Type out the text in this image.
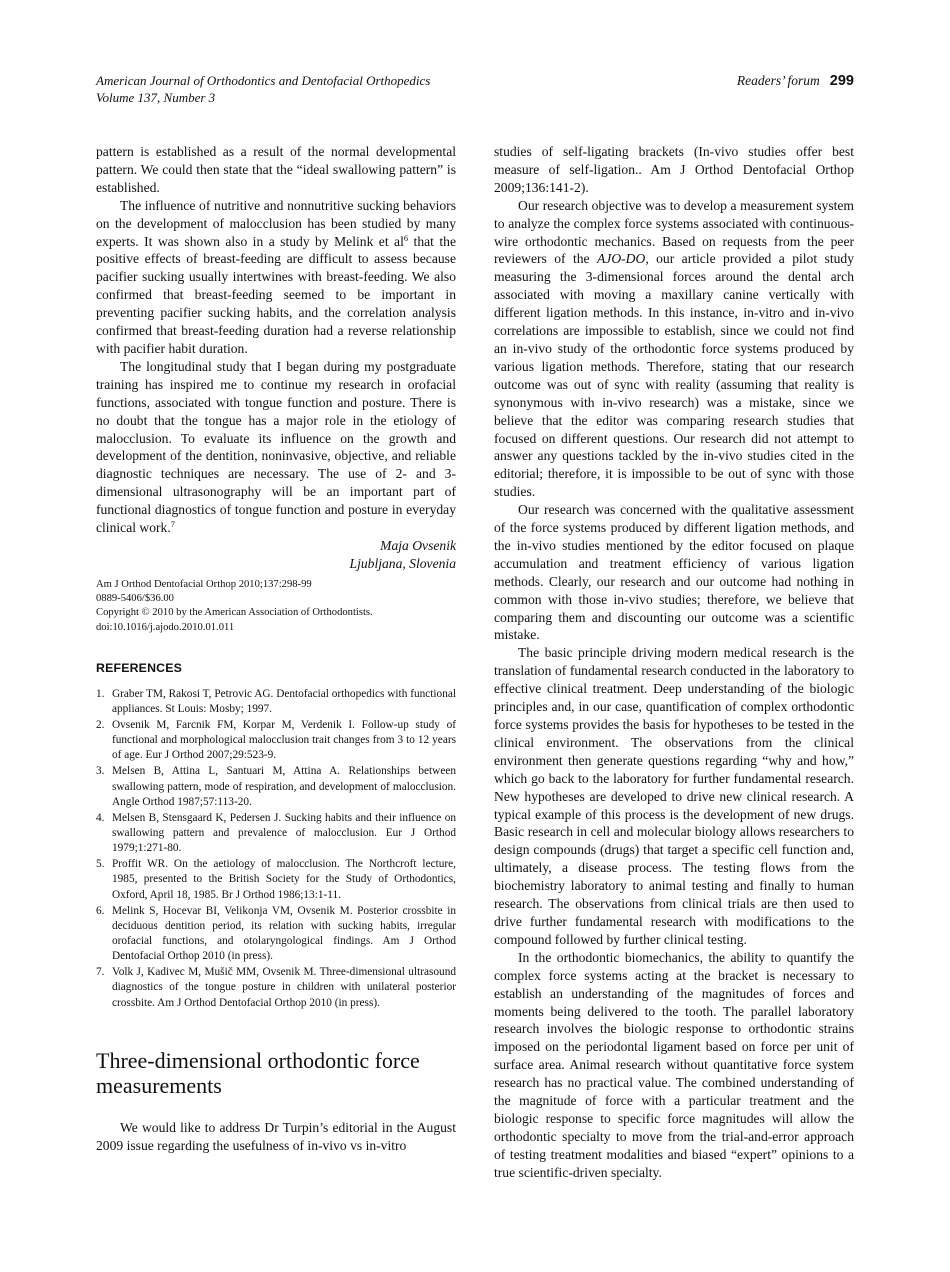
American Journal of Orthodontics and Dentofacial Orthopedics
Volume 137, Number 3
Readers’ forum 299

pattern is established as a result of the normal developmental pattern. We could then state that the “ideal swallowing pattern” is established.

The influence of nutritive and nonnutritive sucking behaviors on the development of malocclusion has been studied by many experts. It was shown also in a study by Melink et $al^6$ that the positive effects of breast-feeding are difficult to assess because pacifier sucking usually intertwines with breast-feeding. We also confirmed that breast-feeding seemed to be important in preventing pacifier sucking habits, and the correlation analysis confirmed that breast-feeding duration had a reverse relationship with pacifier habit duration.

The longitudinal study that I began during my postgraduate training has inspired me to continue my research in orofacial functions, associated with tongue function and posture. There is no doubt that the tongue has a major role in the etiology of malocclusion. To evaluate its influence on the growth and development of the dentition, noninvasive, objective, and reliable diagnostic techniques are necessary. The use of 2- and 3-dimensional ultrasonography will be an important part of functional diagnostics of tongue function and posture in everyday clinical work.$^7$

Maja Ovsenik

Ljubljana, Slovenia

Am J Orthod Dentofacial Orthop 2010;137:298-99
0889-5406/$36.00
Copyright © 2010 by the American Association of Orthodontists.
doi:10.1016/j.ajodo.2010.01.011
REFERENCES
1. Graber TM, Rakosi T, Petrovic AG. Dentofacial orthopedics with functional appliances. St Louis: Mosby; 1997.
2. Ovsenik M, Farcnik FM, Korpar M, Verdenik I. Follow-up study of functional and morphological malocclusion trait changes from 3 to 12 years of age. Eur J Orthod 2007;29:523-9.
3. Melsen B, Attina L, Santuari M, Attina A. Relationships between swallowing pattern, mode of respiration, and development of malocclusion. Angle Orthod 1987;57:113-20.
4. Melsen B, Stensgaard K, Pedersen J. Sucking habits and their influence on swallowing pattern and prevalence of malocclusion. Eur J Orthod 1979;1:271-80.
5. Proffit WR. On the aetiology of malocclusion. The Northcroft lecture, 1985, presented to the British Society for the Study of Orthodontics, Oxford, April 18, 1985. Br J Orthod 1986;13:1-11.
6. Melink S, Hocevar BI, Velikonja VM, Ovsenik M. Posterior crossbite in deciduous dentition period, its relation with sucking habits, irregular orofacial functions, and otolaryngological findings. Am J Orthod Dentofacial Orthop 2010 (in press).
7. Volk J, Kadivec M, Mušič MM, Ovsenik M. Three-dimensional ultrasound diagnostics of the tongue posture in children with unilateral posterior crossbite. Am J Orthod Dentofacial Orthop 2010 (in press).
Three-dimensional orthodontic force measurements

We would like to address Dr Turpin’s editorial in the August 2009 issue regarding the usefulness of in-vivo vs in-vitro

studies of self-ligating brackets (In-vivo studies offer best measure of self-ligation.. Am J Orthod Dentofacial Orthop 2009;136:141-2).

Our research objective was to develop a measurement system to analyze the complex force systems associated with continuous-wire orthodontic mechanics. Based on requests from the peer reviewers of the AJO-DO, our article provided a pilot study measuring the 3-dimensional forces around the dental arch associated with moving a maxillary canine vertically with different ligation methods. In this instance, in-vitro and in-vivo correlations are impossible to establish, since we could not find an in-vivo study of the orthodontic force systems produced by various ligation methods. Therefore, stating that our research outcome was out of sync with reality (assuming that reality is synonymous with in-vivo research) was a mistake, since we believe that the editor was comparing research studies that focused on different questions. Our research did not attempt to answer any questions tackled by the in-vivo studies cited in the editorial; therefore, it is impossible to be out of sync with those studies.

Our research was concerned with the qualitative assessment of the force systems produced by different ligation methods, and the in-vivo studies mentioned by the editor focused on plaque accumulation and treatment efficiency of various ligation methods. Clearly, our research and our outcome had nothing in common with those in-vivo studies; therefore, we believe that comparing them and discounting our outcome was a scientific mistake.

The basic principle driving modern medical research is the translation of fundamental research conducted in the laboratory to effective clinical treatment. Deep understanding of the biologic principles and, in our case, quantification of complex orthodontic force systems provides the basis for hypotheses to be tested in the clinical environment. The observations from the clinical environment then generate questions regarding “why and how,” which go back to the laboratory for further fundamental research. New hypotheses are developed to drive new clinical research. A typical example of this process is the development of new drugs. Basic research in cell and molecular biology allows researchers to design compounds (drugs) that target a specific cell function and, ultimately, a disease process. The testing flows from the biochemistry laboratory to animal testing and finally to human research. The observations from clinical trials are then used to drive further fundamental research with modifications to the compound followed by further clinical testing.

In the orthodontic biomechanics, the ability to quantify the complex force systems acting at the bracket is necessary to establish an understanding of the magnitudes of forces and moments being delivered to the tooth. The parallel laboratory research involves the biologic response to orthodontic strains imposed on the periodontal ligament based on force per unit of surface area. Animal research without quantitative force system research has no practical value. The combined understanding of the magnitude of force with a particular treatment and the biologic response to specific force magnitudes will allow the orthodontic specialty to move from the trial-and-error approach of testing treatment modalities and biased “expert” opinions to a true scientific-driven specialty.
